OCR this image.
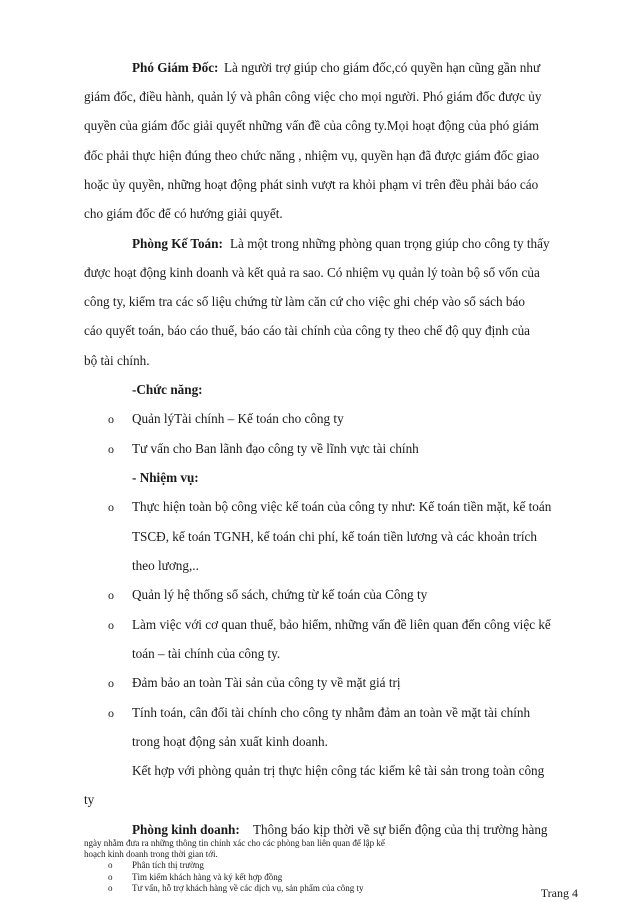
Phó Giám Đốc: Là người trợ giúp cho giám đốc,có quyền hạn cũng gần như
giám đốc, điều hành, quản lý và phân công việc cho mọi người. Phó giám đốc được ủy
quyền của giám đốc giải quyết những vấn đề của công ty.Mọi hoạt động của phó giám
đốc phải thực hiện đúng theo chức năng , nhiệm vụ, quyền hạn đã được giám đốc giao
hoặc ủy quyền, những hoạt động phát sinh vượt ra khỏi phạm vi trên đều phải báo cáo
cho giám đốc để có hướng giải quyết.
Phòng Kế Toán: Là một trong những phòng quan trọng giúp cho công ty thấy
được hoạt động kinh doanh và kết quả ra sao. Có nhiệm vụ quản lý toàn bộ số vốn của
công ty, kiểm tra các số liệu chứng từ làm căn cứ cho việc ghi chép vào sổ sách báo
cáo quyết toán, báo cáo thuế, báo cáo tài chính của công ty theo chế độ quy định của
bộ tài chính.
-Chức năng:
o Quản lýTài chính – Kế toán cho công ty
o Tư vấn cho Ban lãnh đạo công ty về lĩnh vực tài chính
- Nhiệm vụ:
o Thực hiện toàn bộ công việc kế toán của công ty như: Kế toán tiền mặt, kế toán
TSCĐ, kế toán TGNH, kế toán chi phí, kế toán tiền lương và các khoản trích
theo lương,..
o Quản lý hệ thống sổ sách, chứng từ kế toán của Công ty
o Làm việc với cơ quan thuế, bảo hiểm, những vấn đề liên quan đến công việc kế
toán – tài chính của công ty.
o Đảm bảo an toàn Tài sản của công ty về mặt giá trị
o Tính toán, cân đối tài chính cho công ty nhằm đảm an toàn về mặt tài chính
trong hoạt động sản xuất kinh doanh.
Kết hợp với phòng quản trị thực hiện công tác kiểm kê tài sản trong toàn công
ty
Phòng kinh doanh: Thông báo kịp thời về sự biến động của thị trường hàng
Trang 4
ngày nhằm đưa ra những thông tin chính xác cho các phòng ban liên quan để lập kế
hoạch kinh doanh trong thời gian tới.
o Phân tích thị trường
o Tìm kiếm khách hàng và ký kết hợp đồng
o Tư vấn, hỗ trợ khách hàng về các dịch vụ, sản phẩm của công ty
